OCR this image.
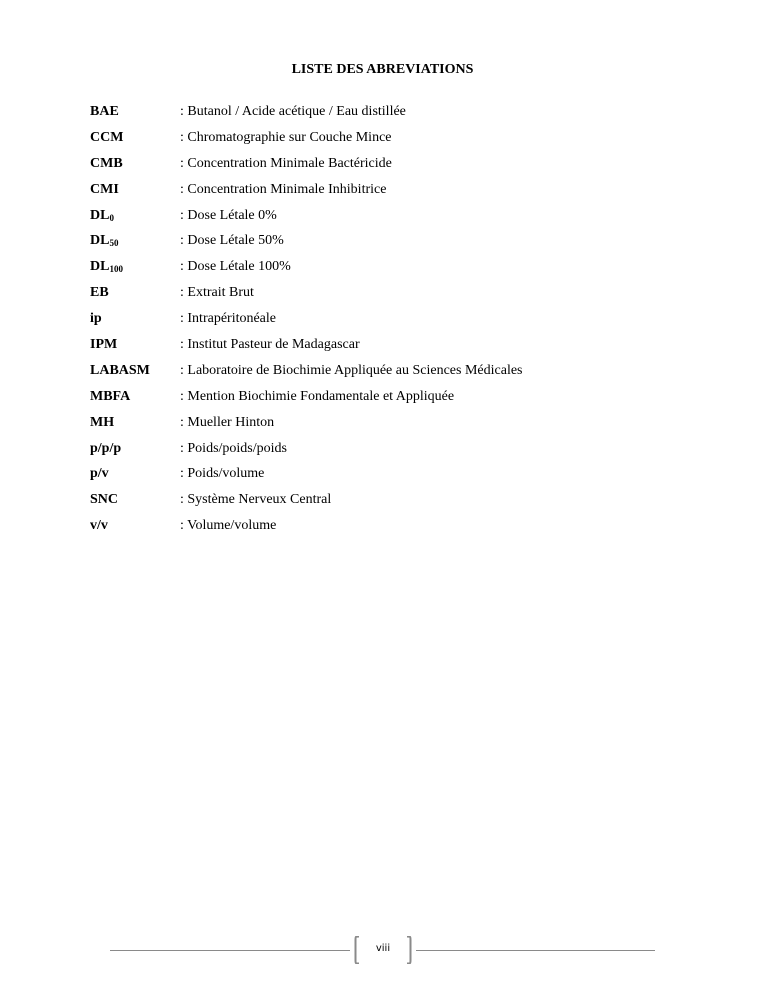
LISTE DES ABREVIATIONS
BAE	: Butanol / Acide acétique / Eau distillée
CCM	: Chromatographie sur Couche Mince
CMB	: Concentration Minimale Bactéricide
CMI	: Concentration Minimale Inhibitrice
$DL_0$	: Dose Létale 0%
$DL_{50}$	: Dose Létale 50%
$DL_{100}$	: Dose Létale 100%
EB	: Extrait Brut
ip	: Intrapéritonéale
IPM	: Institut Pasteur de Madagascar
LABASM	: Laboratoire de Biochimie Appliquée au Sciences Médicales
MBFA	: Mention Biochimie Fondamentale et Appliquée
MH	: Mueller Hinton
p/p/p	: Poids/poids/poids
p/v	: Poids/volume
SNC	: Système Nerveux Central
v/v	: Volume/volume
viii
